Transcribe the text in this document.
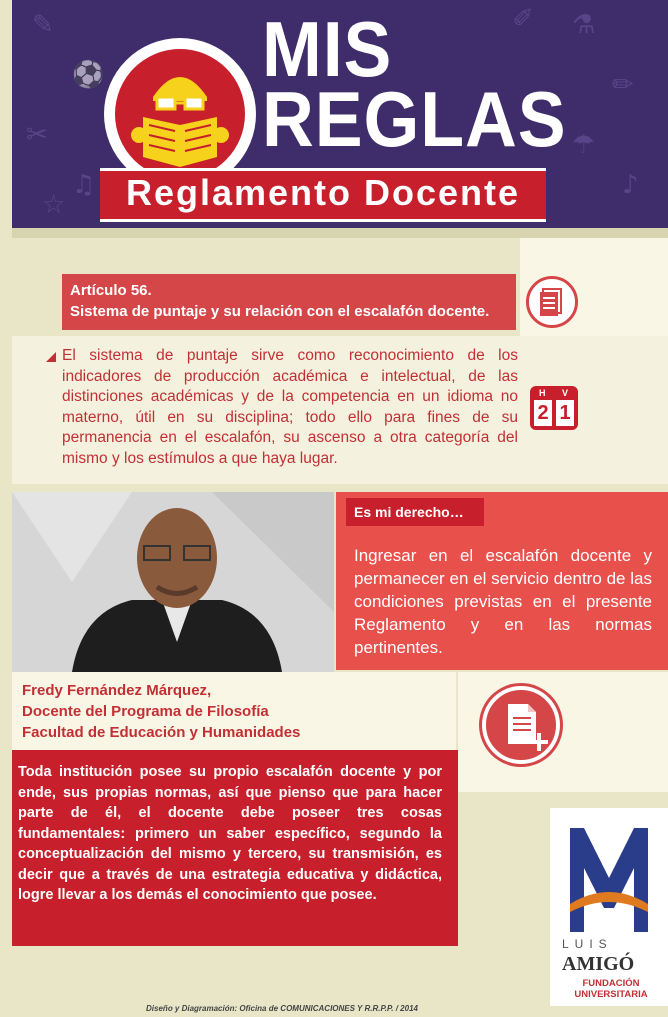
✎
⚽
✂
♫
⚗
✏
☂
♪
✐
☆
MIS
REGLAS
Reglamento Docente
Artículo 56.
Sistema de puntaje y su relación con el escalafón docente.
El sistema de puntaje sirve como reconocimiento de los indicadores de producción académica e intelectual, de las distinciones académicas y de la competencia en un idioma no materno, útil en su disciplina; todo ello para fines de su permanencia en el escalafón, su ascenso a otra categoría del mismo y los estímulos a que haya lugar.
H V
2 1
Es mi derecho…
Ingresar en el escalafón docente y permanecer en el servicio dentro de las condiciones previstas en el presente Reglamento y en las normas pertinentes.
Fredy Fernández Márquez,
Docente del Programa de Filosofía
Facultad de Educación y Humanidades
Toda institución posee su propio escalafón docente y por ende, sus propias normas, así que pienso que para hacer parte de él, el docente debe poseer tres cosas fundamentales: primero un saber específico, segundo la conceptualización del mismo y tercero, su transmisión, es decir que a través de una estrategia educativa y didáctica, logre llevar a los demás el conocimiento que posee.
LUIS
AMIGÓ
FUNDACIÓN
UNIVERSITARIA
Diseño y Diagramación: Oficina de COMUNICACIONES Y R.R.P.P. / 2014
